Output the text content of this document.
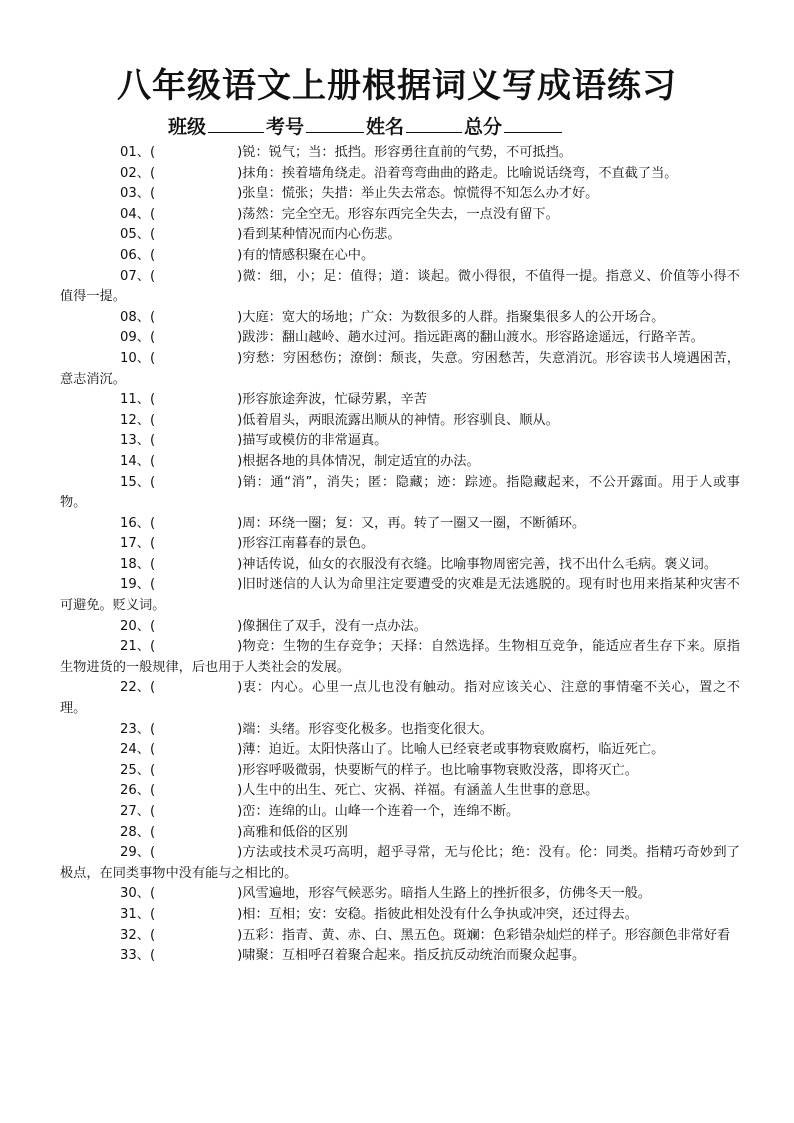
八年级语文上册根据词义写成语练习
班级	考号	姓名	总分
01、(	)锐：锐气；当：抵挡。形容勇往直前的气势，不可抵挡。
02、(	)抹角：挨着墙角绕走。沿着弯弯曲曲的路走。比喻说话绕弯，不直截了当。
03、(	)张皇：慌张；失措：举止失去常态。惊慌得不知怎么办才好。
04、(	)荡然：完全空无。形容东西完全失去，一点没有留下。
05、(	)看到某种情况而内心伤悲。
06、(	)有的情感积聚在心中。
07、(	)微：细，小；足：值得；道：谈起。微小得很，不值得一提。指意义、价值等小得不值得一提。
08、(	)大庭：宽大的场地；广众：为数很多的人群。指聚集很多人的公开场合。
09、(	)跋涉：翻山越岭、趟水过河。指远距离的翻山渡水。形容路途遥远，行路辛苦。
10、(	)穷愁：穷困愁伤；潦倒：颓丧，失意。穷困愁苦，失意消沉。形容读书人境遇困苦，意志消沉。
11、(	)形容旅途奔波，忙碌劳累，辛苦
12、(	)低着眉头，两眼流露出顺从的神情。形容驯良、顺从。
13、(	)描写或模仿的非常逼真。
14、(	)根据各地的具体情况，制定适宜的办法。
15、(	)销：通“消”，消失；匿：隐藏；迹：踪迹。指隐藏起来，不公开露面。用于人或事物。
16、(	)周：环绕一圈；复：又，再。转了一圈又一圈，不断循环。
17、(	)形容江南暮春的景色。
18、(	)神话传说，仙女的衣服没有衣缝。比喻事物周密完善，找不出什么毛病。褒义词。
19、(	)旧时迷信的人认为命里注定要遭受的灾难是无法逃脱的。现有时也用来指某种灾害不可避免。贬义词。
20、(	)像捆住了双手，没有一点办法。
21、(	)物竞：生物的生存竞争；天择：自然选择。生物相互竞争，能适应者生存下来。原指生物进货的一般规律，后也用于人类社会的发展。
22、(	)衷：内心。心里一点儿也没有触动。指对应该关心、注意的事情毫不关心，置之不理。
23、(	)端：头绪。形容变化极多。也指变化很大。
24、(	)薄：迫近。太阳快落山了。比喻人已经衰老或事物衰败腐朽，临近死亡。
25、(	)形容呼吸微弱，快要断气的样子。也比喻事物衰败没落，即将灭亡。
26、(	)人生中的出生、死亡、灾祸、祥福。有涵盖人生世事的意思。
27、(	)峦：连绵的山。山峰一个连着一个，连绵不断。
28、(	)高雅和低俗的区别
29、(	)方法或技术灵巧高明，超乎寻常，无与伦比；绝：没有。伦：同类。指精巧奇妙到了极点，在同类事物中没有能与之相比的。
30、(	)风雪遍地，形容气候恶劣。暗指人生路上的挫折很多，仿佛冬天一般。
31、(	)相：互相；安：安稳。指彼此相处没有什么争执或冲突，还过得去。
32、(	)五彩：指青、黄、赤、白、黑五色。斑斓：色彩错杂灿烂的样子。形容颜色非常好看
33、(	)啸聚：互相呼召着聚合起来。指反抗反动统治而聚众起事。
